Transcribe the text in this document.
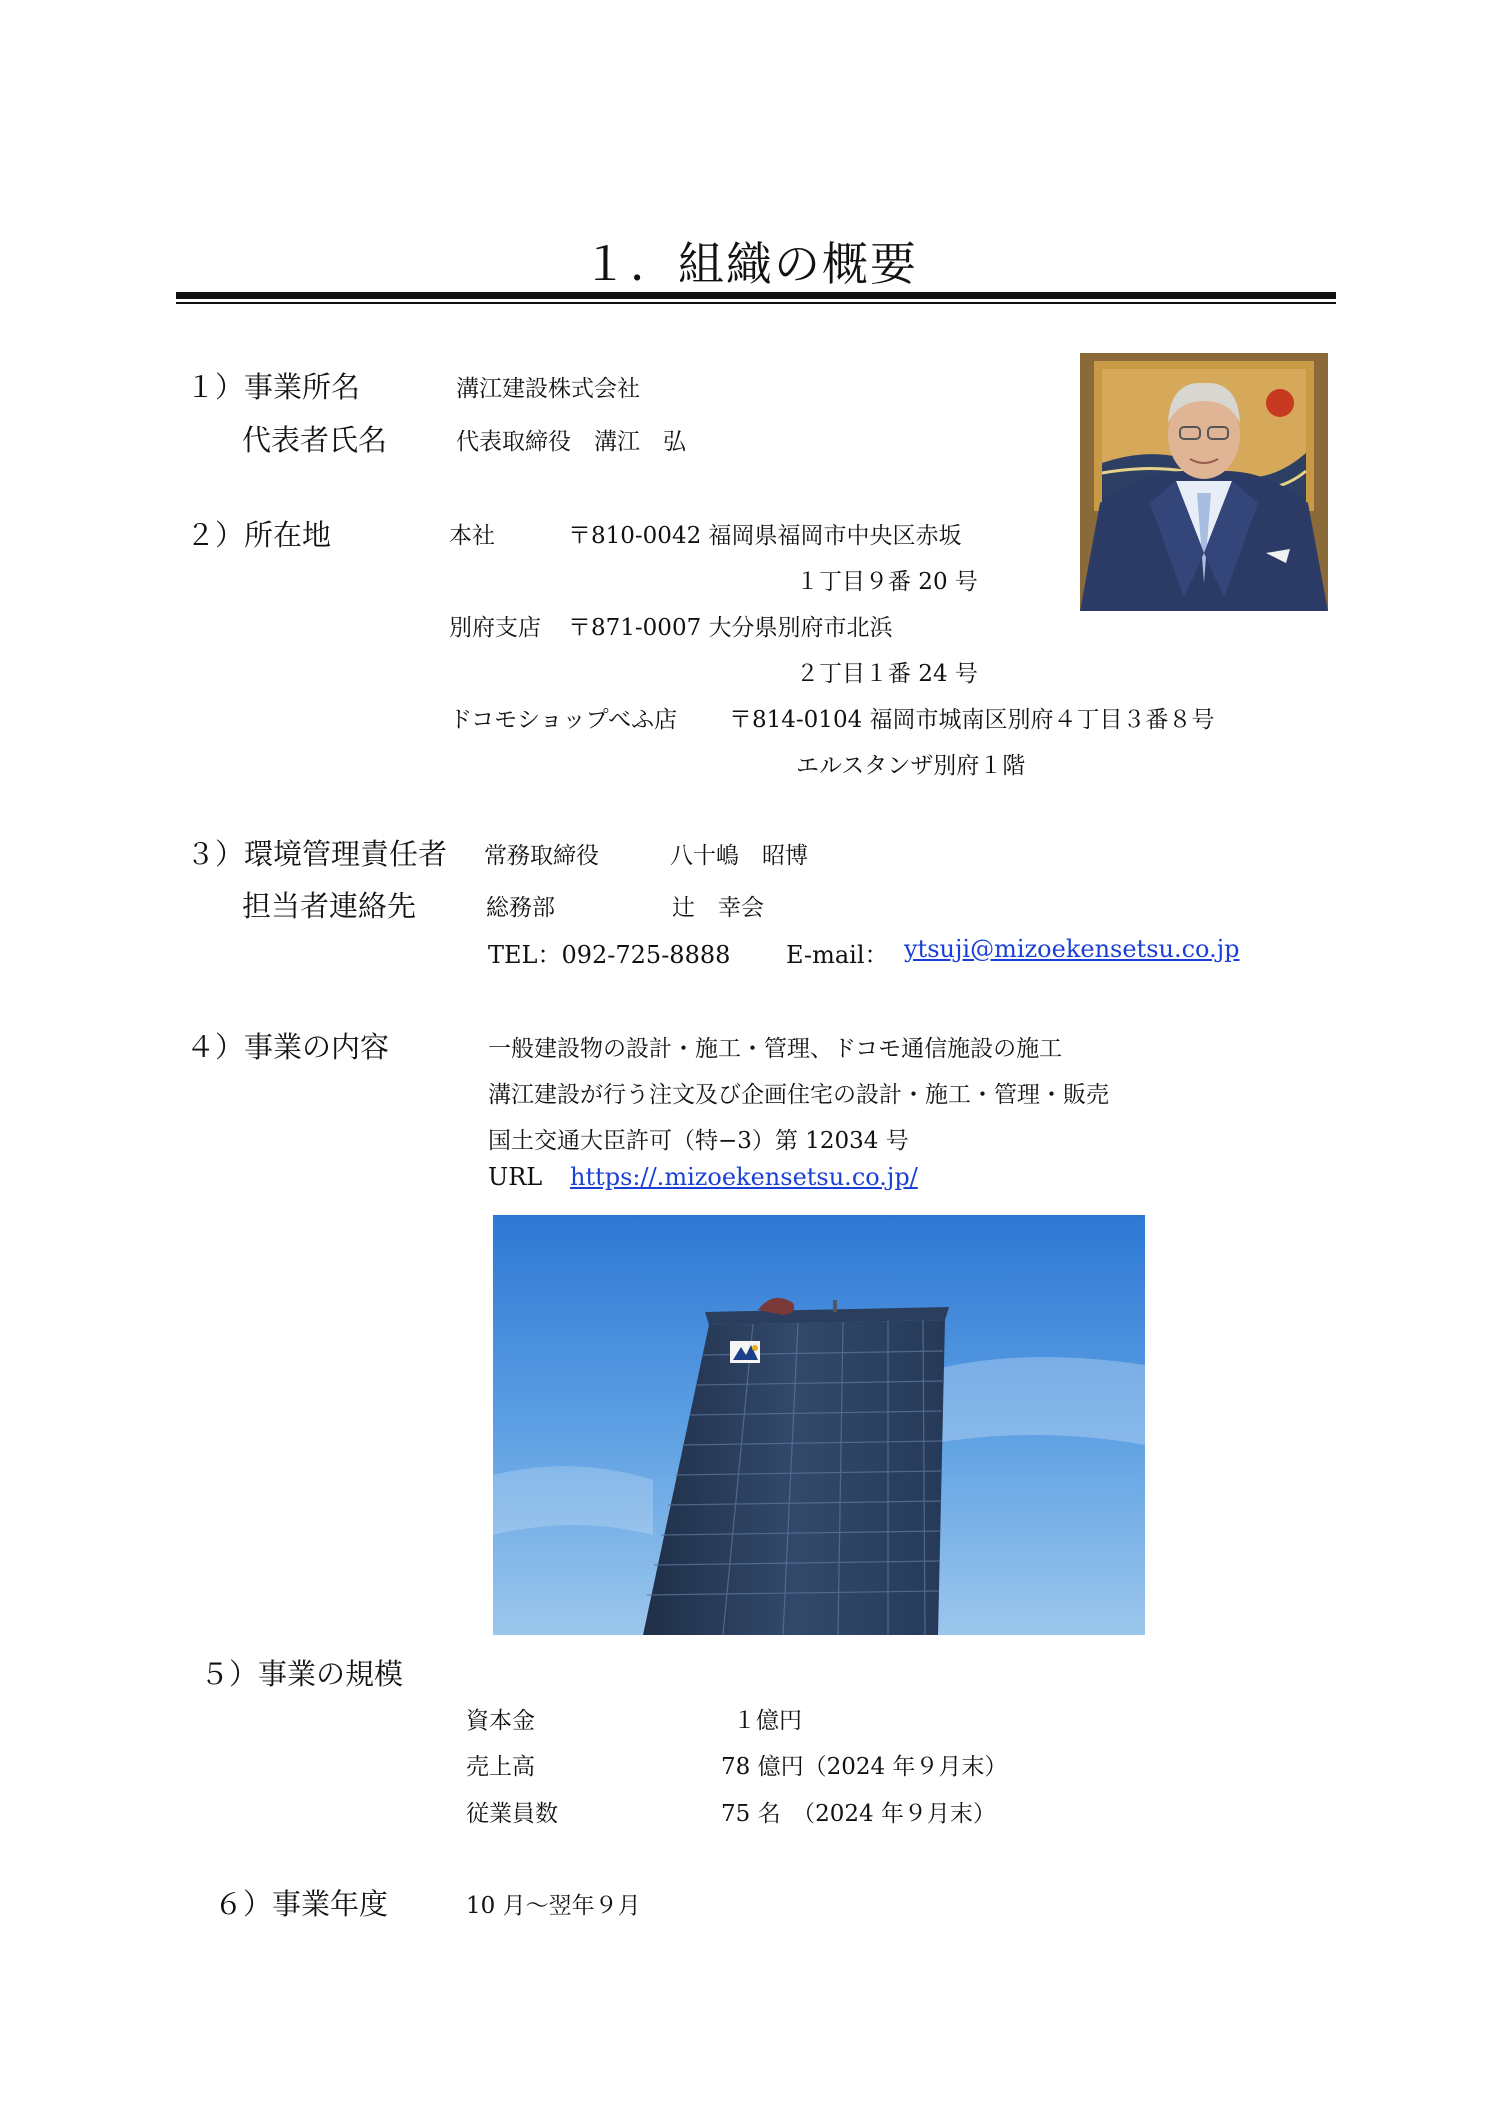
１．組織の概要
１）事業所名	溝江建設株式会社
代表者氏名	代表取締役　溝江　弘
２）所在地	本社	〒810-0042 福岡県福岡市中央区赤坂
１丁目９番 20 号
別府支店 〒871-0007 大分県別府市北浜
２丁目１番 24 号
ドコモショップべふ店 〒814-0104 福岡市城南区別府４丁目３番８号
エルスタンザ別府１階
３）環境管理責任者 常務取締役	八十嶋　昭博
担当者連絡先	総務部	辻　幸会
TEL：092-725-8888 E-mail： ytsuji@mizoekensetsu.co.jp
４）事業の内容	一般建設物の設計・施工・管理、ドコモ通信施設の施工
溝江建設が行う注文及び企画住宅の設計・施工・管理・販売
国土交通大臣許可（特−3）第 12034 号
URL https://.mizoekensetsu.co.jp/
５）事業の規模
資本金	１億円
売上高	78 億円（2024 年９月末）
従業員数	75 名　（2024 年９月末）
６）事業年度	10 月〜翌年９月
